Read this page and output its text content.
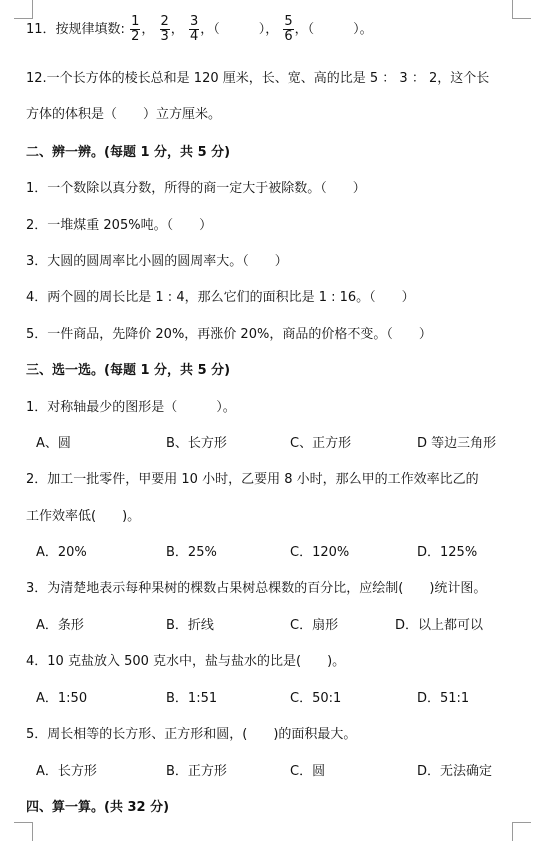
11．按规律填数: $\frac{1}{2}$ ， $\frac{2}{3}$ ， $\frac{3}{4}$ ，（　　　）， $\frac{5}{6}$ ，（　　　）。
12.一个长方体的棱长总和是 120 厘米，长、宽、高的比是 5 ： 3 ： 2，这个长
方体的体积是（　　）立方厘米。
二、辨一辨。(每题 1 分，共 5 分)
1．一个数除以真分数，所得的商一定大于被除数。（　　）
2．一堆煤重 205%吨。（　　）
3．大圆的圆周率比小圆的圆周率大。（　　）
4．两个圆的周长比是 1 : 4，那么它们的面积比是 1 : 16。（　　）
5．一件商品，先降价 20%，再涨价 20%，商品的价格不变。（　　）
三、选一选。(每题 1 分，共 5 分)
1．对称轴最少的图形是（　　　）。
A、圆	B、长方形	C、正方形	D 等边三角形
2．加工一批零件，甲要用 10 小时，乙要用 8 小时，那么甲的工作效率比乙的
工作效率低(　　)。
A．20%	B．25%	C．120%	D．125%
3．为清楚地表示每种果树的棵数占果树总棵数的百分比，应绘制(　　)统计图。
A．条形	B．折线	C．扇形	D．以上都可以
4．10 克盐放入 500 克水中，盐与盐水的比是(　　)。
A．1:50	B．1:51	C．50:1	D．51:1
5．周长相等的长方形、正方形和圆，(　　)的面积最大。
A．长方形	B．正方形	C．圆	D．无法确定
四、算一算。(共 32 分)
